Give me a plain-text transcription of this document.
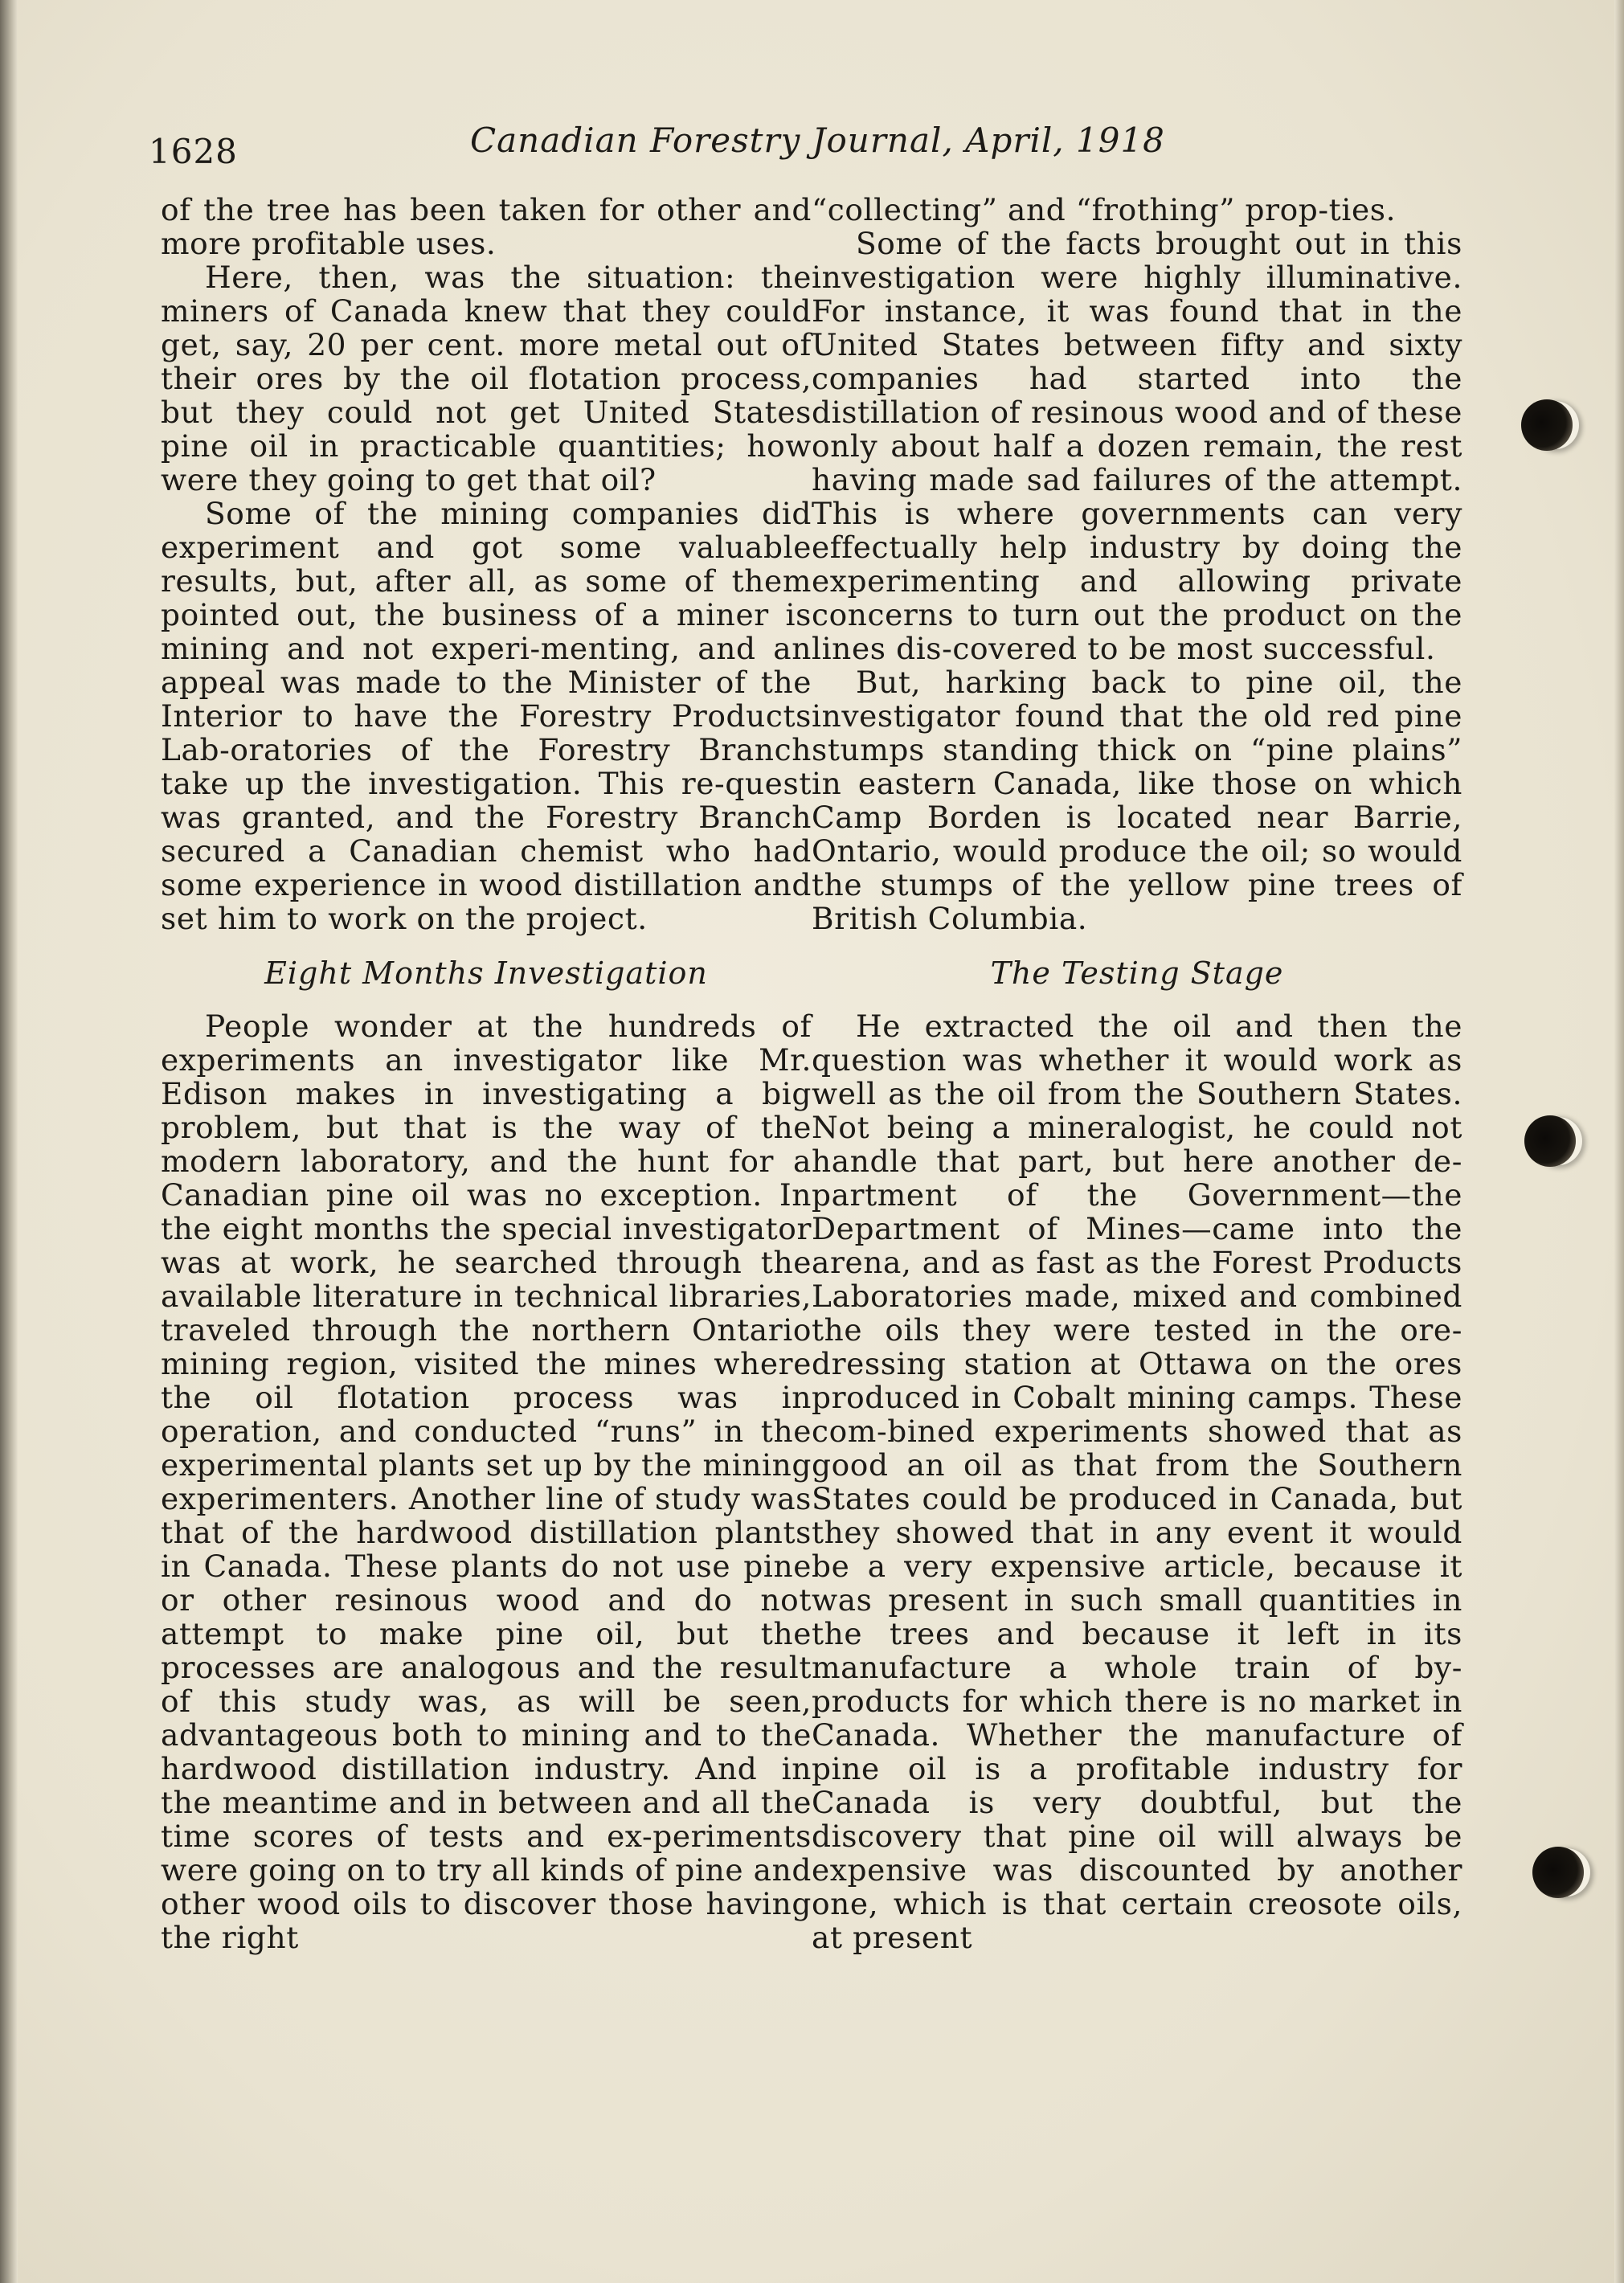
1628	Canadian Forestry Journal, April, 1918

of the tree has been taken for other and more profitable uses.

Here, then, was the situation: the miners of Canada knew that they could get, say, 20 per cent. more metal out of their ores by the oil flotation process, but they could not get United States pine oil in practicable quantities; how were they going to get that oil?

Some of the mining companies did experiment and got some valuable results, but, after all, as some of them pointed out, the business of a miner is mining and not experi-menting, and an appeal was made to the Minister of the Interior to have the Forestry Products Lab-oratories of the Forestry Branch take up the investigation. This re-quest was granted, and the Forestry Branch secured a Canadian chemist who had some experience in wood distillation and set him to work on the project.

Eight Months Investigation

People wonder at the hundreds of experiments an investigator like Mr. Edison makes in investigating a big problem, but that is the way of the modern laboratory, and the hunt for a Canadian pine oil was no exception. In the eight months the special investigator was at work, he searched through the available literature in technical libraries, traveled through the northern Ontario mining region, visited the mines where the oil flotation process was in operation, and conducted “runs” in the experimental plants set up by the mining experimenters. Another line of study was that of the hardwood distillation plants in Canada. These plants do not use pine or other resinous wood and do not attempt to make pine oil, but the processes are analogous and the result of this study was, as will be seen, advantageous both to mining and to the hardwood distillation industry. And in the meantime and in between and all the time scores of tests and ex-periments were going on to try all kinds of pine and other wood oils to discover those having the right

“collecting” and “frothing” prop-ties.

Some of the facts brought out in this investigation were highly illuminative. For instance, it was found that in the United States between fifty and sixty companies had started into the distillation of resinous wood and of these only about half a dozen remain, the rest having made sad failures of the attempt. This is where governments can very effectually help industry by doing the experimenting and allowing private concerns to turn out the product on the lines dis-covered to be most successful.

But, harking back to pine oil, the investigator found that the old red pine stumps standing thick on “pine plains” in eastern Canada, like those on which Camp Borden is located near Barrie, Ontario, would produce the oil; so would the stumps of the yellow pine trees of British Columbia.

The Testing Stage

He extracted the oil and then the question was whether it would work as well as the oil from the Southern States. Not being a mineralogist, he could not handle that part, but here another de-partment of the Government—the Department of Mines—came into the arena, and as fast as the Forest Products Laboratories made, mixed and combined the oils they were tested in the ore-dressing station at Ottawa on the ores produced in Cobalt mining camps. These com-bined experiments showed that as good an oil as that from the Southern States could be produced in Canada, but they showed that in any event it would be a very expensive article, because it was present in such small quantities in the trees and because it left in its manufacture a whole train of by-products for which there is no market in Canada. Whether the manufacture of pine oil is a profitable industry for Canada is very doubtful, but the discovery that pine oil will always be expensive was discounted by another one, which is that certain creosote oils, at present
